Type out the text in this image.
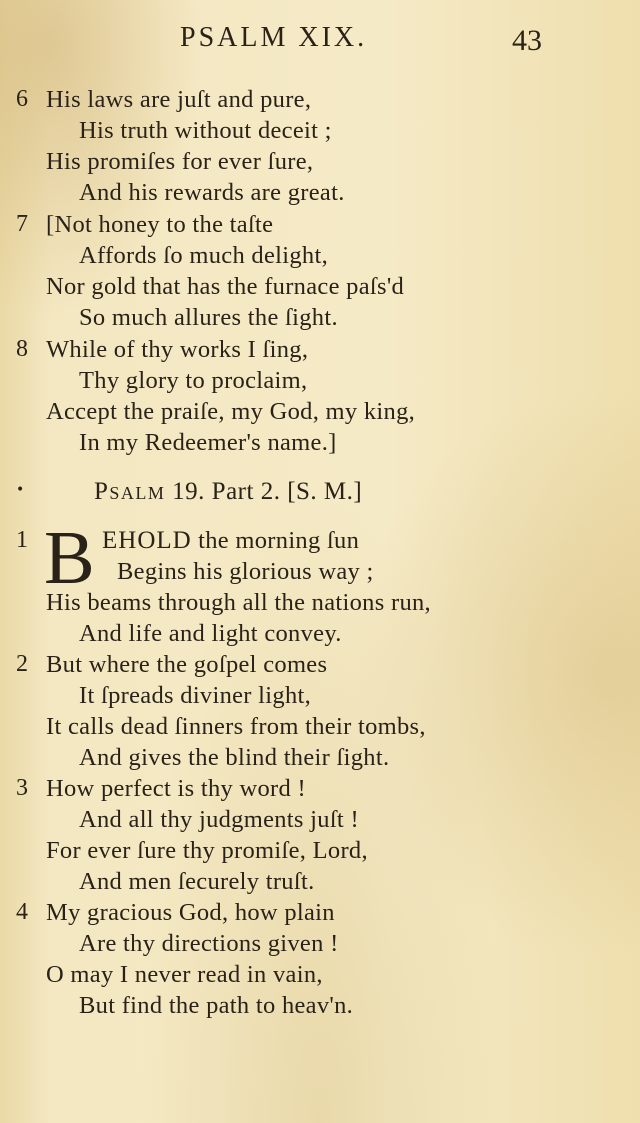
PSALM XIX.	43
6 His laws are juſt and pure,
His truth without deceit ;
His promiſes for ever ſure,
And his rewards are great.
7 [Not honey to the taſte
Affords ſo much delight,
Nor gold that has the furnace paſs'd
So much allures the ſight.
8 While of thy works I ſing,
Thy glory to proclaim,
Accept the praiſe, my God, my king,
In my Redeemer's name.]
•	Psalm 19. Part 2. [S. M.]
1 B EHOLD the morning ſun
Begins his glorious way ;
His beams through all the nations run,
And life and light convey.
2 But where the goſpel comes
It ſpreads diviner light,
It calls dead ſinners from their tombs,
And gives the blind their ſight.
3 How perfect is thy word !
And all thy judgments juſt !
For ever ſure thy promiſe, Lord,
And men ſecurely truſt.
4 My gracious God, how plain
Are thy directions given !
O may I never read in vain,
But find the path to heav'n.
